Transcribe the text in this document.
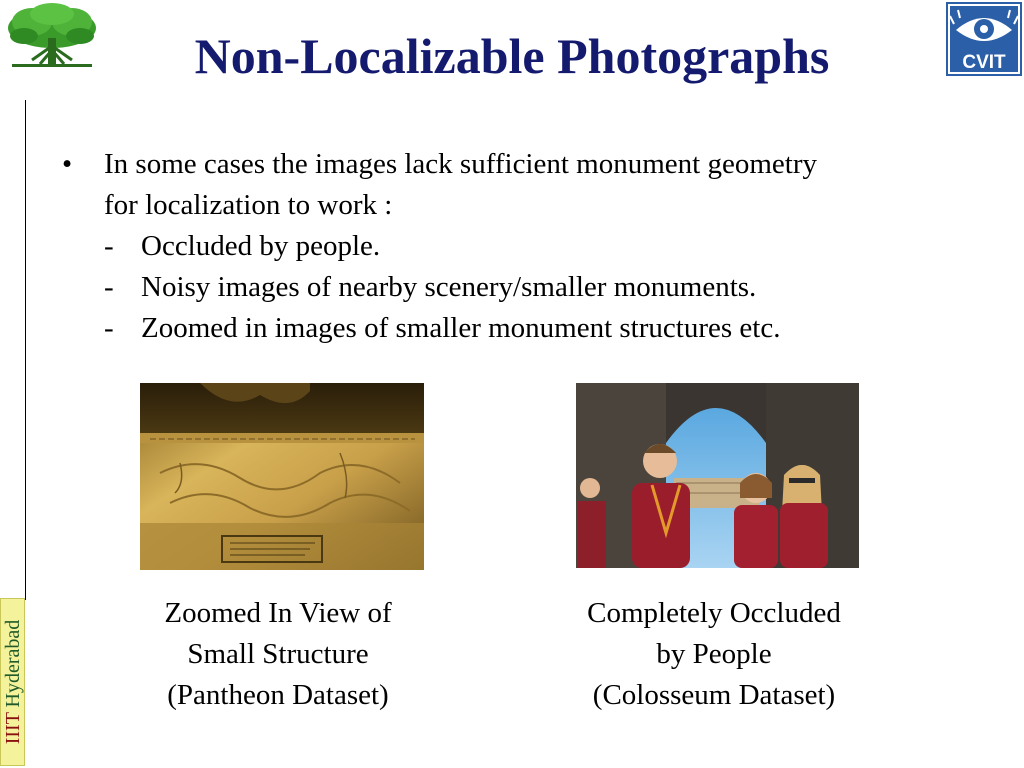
Non-Localizable Photographs	CVIT
• In some cases the images lack sufficient monument geometry
for localization to work :
- Occluded by people.
- Noisy images of nearby scenery/smaller monuments.
- Zoomed in images of smaller monument structures etc.
Zoomed In View of
Small Structure
(Pantheon Dataset)
Completely Occluded
by People
(Colosseum Dataset)
IIIT Hyderabad
